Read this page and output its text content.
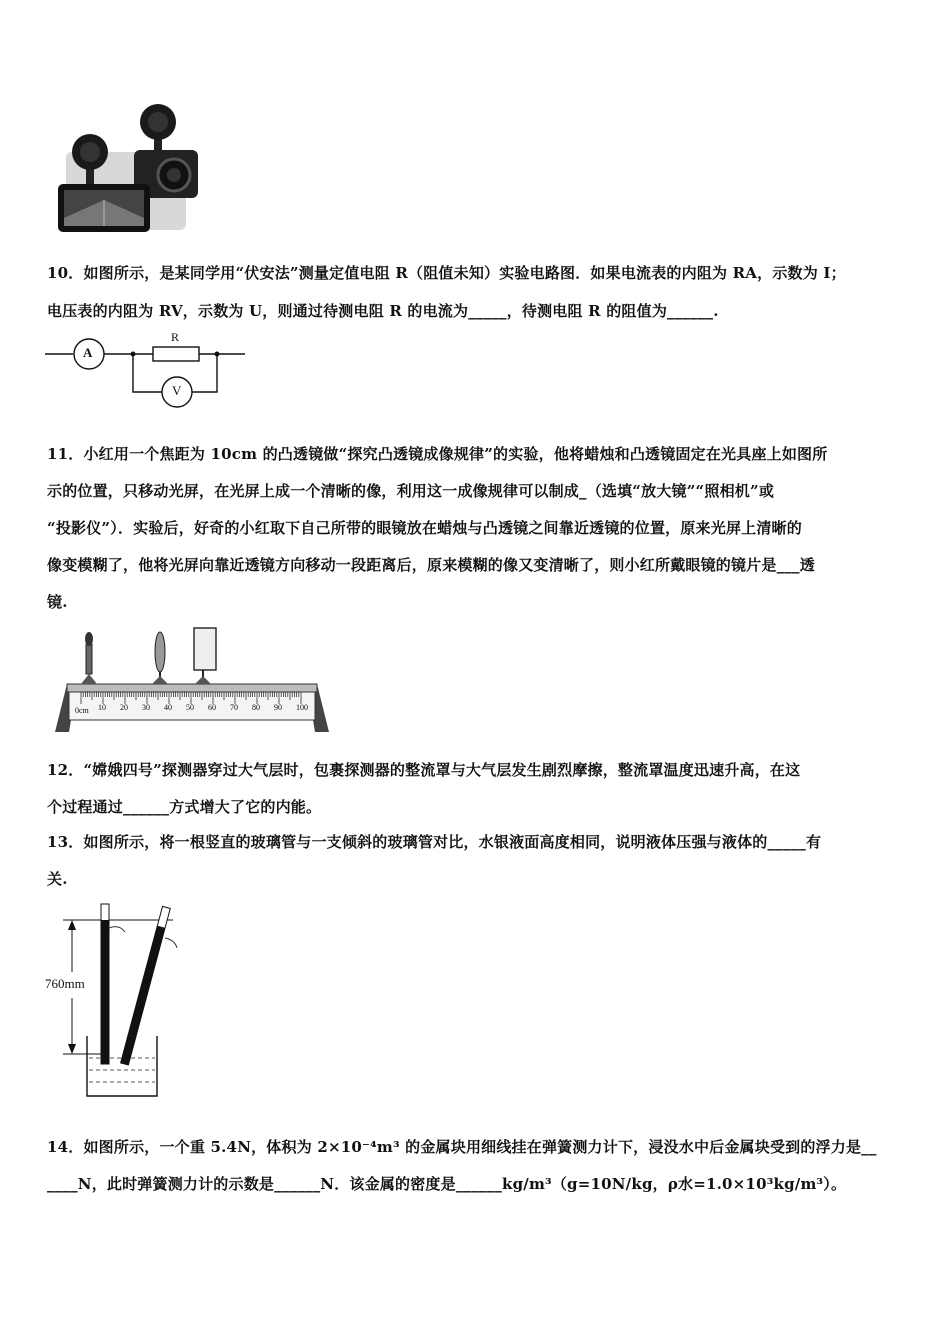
10．如图所示，是某同学用“伏安法”测量定值电阻 R（阻值未知）实验电路图．如果电流表的内阻为 RA，示数为 I；
电压表的内阻为 RV，示数为 U，则通过待测电阻 R 的电流为_____，待测电阻 R 的阻值为______.
A
R
V
11．小红用一个焦距为 10cm 的凸透镜做“探究凸透镜成像规律”的实验，他将蜡烛和凸透镜固定在光具座上如图所
示的位置，只移动光屏，在光屏上成一个清晰的像，利用这一成像规律可以制成_（选填“放大镜”“照相机”或
“投影仪”）．实验后，好奇的小红取下自己所带的眼镜放在蜡烛与凸透镜之间靠近透镜的位置，原来光屏上清晰的
像变模糊了，他将光屏向靠近透镜方向移动一段距离后，原来模糊的像又变清晰了，则小红所戴眼镜的镜片是___透
镜.
0cm 10 20 30 40 50 60 70 80 90 100
12．“嫦娥四号”探测器穿过大气层时，包裹探测器的整流罩与大气层发生剧烈摩擦，整流罩温度迅速升高，在这
个过程通过______方式增大了它的内能。
13．如图所示，将一根竖直的玻璃管与一支倾斜的玻璃管对比，水银液面高度相同，说明液体压强与液体的_____有
关.
760mm
14．如图所示，一个重 5.4N，体积为 2×10⁻⁴m³ 的金属块用细线挂在弹簧测力计下，浸没水中后金属块受到的浮力是__
____N，此时弹簧测力计的示数是______N．该金属的密度是______kg/m³（g=10N/kg，ρ水=1.0×10³kg/m³）。
